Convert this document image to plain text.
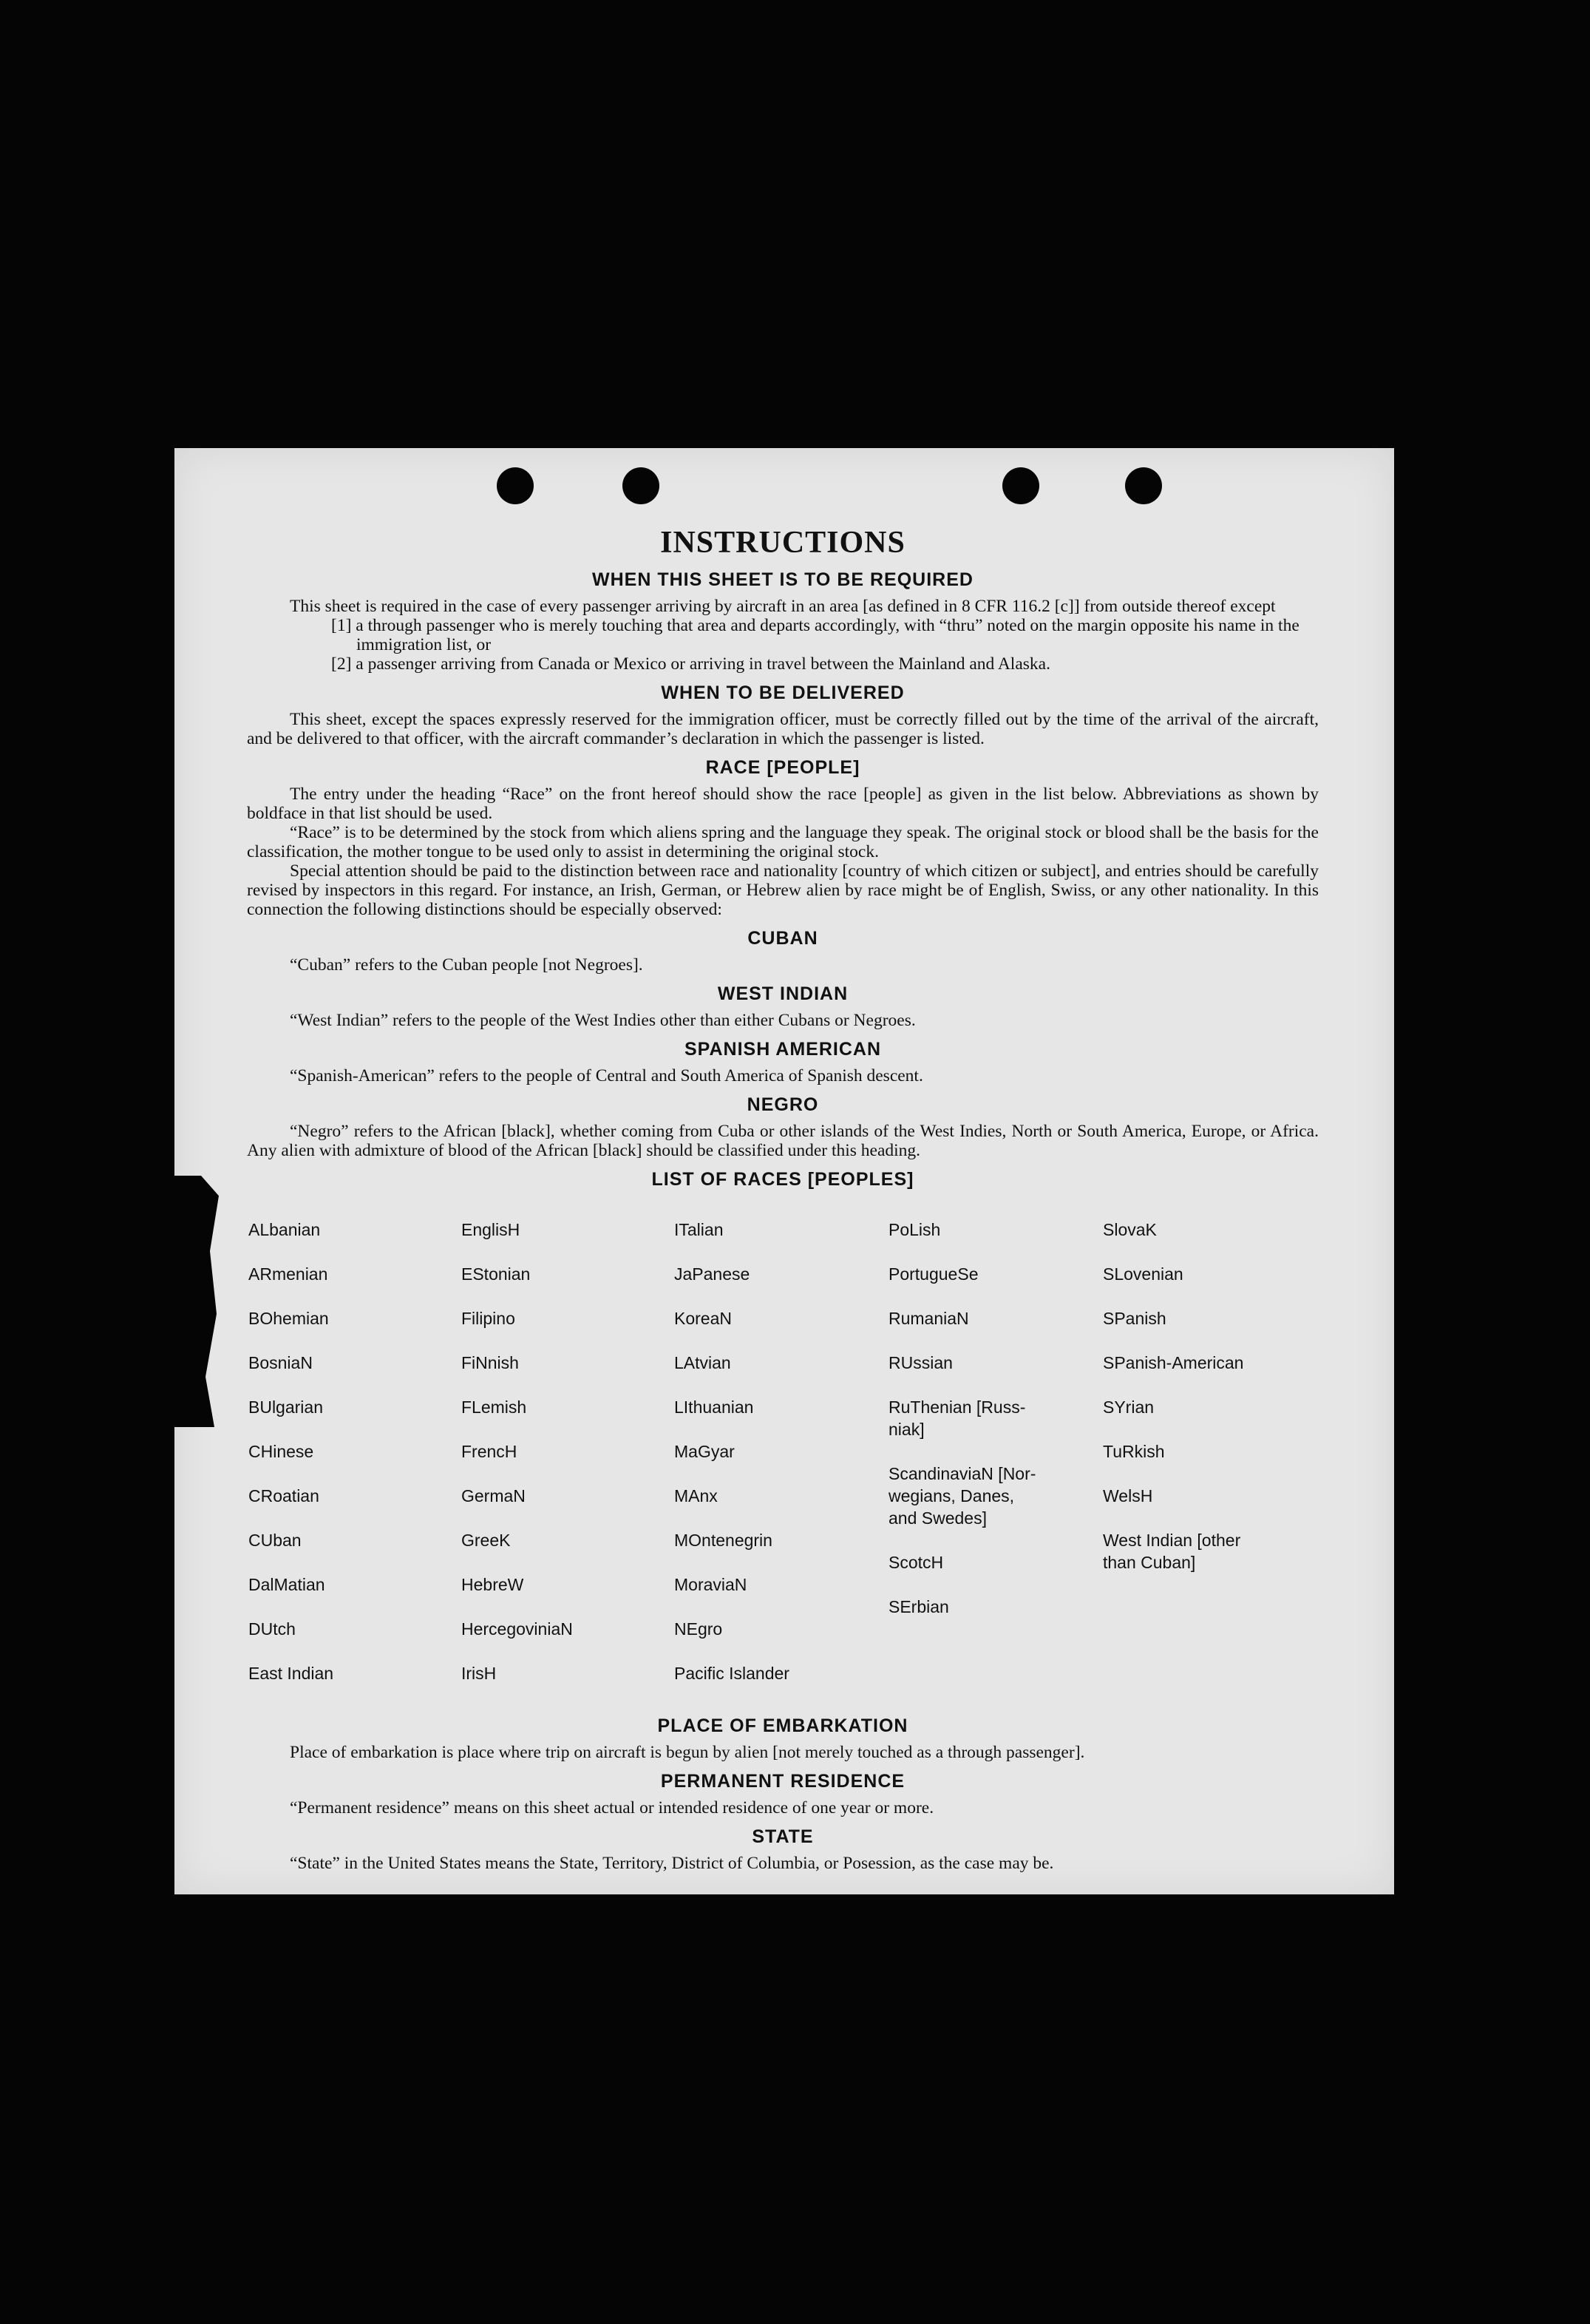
INSTRUCTIONS
WHEN THIS SHEET IS TO BE REQUIRED

This sheet is required in the case of every passenger arriving by aircraft in an area [as defined in 8 CFR 116.2 [c]] from outside thereof except

[1] a through passenger who is merely touching that area and departs accordingly, with “thru” noted on the margin opposite his name in the immigration list, or

[2] a passenger arriving from Canada or Mexico or arriving in travel between the Mainland and Alaska.

WHEN TO BE DELIVERED

This sheet, except the spaces expressly reserved for the immigration officer, must be correctly filled out by the time of the arrival of the aircraft, and be delivered to that officer, with the aircraft commander’s declaration in which the passenger is listed.

RACE [PEOPLE]

The entry under the heading “Race” on the front hereof should show the race [people] as given in the list below. Abbreviations as shown by boldface in that list should be used.

“Race” is to be determined by the stock from which aliens spring and the language they speak. The original stock or blood shall be the basis for the classification, the mother tongue to be used only to assist in determining the original stock.

Special attention should be paid to the distinction between race and nationality [country of which citizen or subject], and entries should be carefully revised by inspectors in this regard. For instance, an Irish, German, or Hebrew alien by race might be of English, Swiss, or any other nationality. In this connection the following distinctions should be especially observed:

CUBAN

“Cuban” refers to the Cuban people [not Negroes].

WEST INDIAN

“West Indian” refers to the people of the West Indies other than either Cubans or Negroes.

SPANISH AMERICAN

“Spanish-American” refers to the people of Central and South America of Spanish descent.

NEGRO

“Negro” refers to the African [black], whether coming from Cuba or other islands of the West Indies, North or South America, Europe, or Africa. Any alien with admixture of blood of the African [black] should be classified under this heading.

LIST OF RACES [PEOPLES]

ALbanian

ARmenian

BOhemian

BosniaN

BUlgarian

CHinese

CRoatian

CUban

DalMatian

DUtch

East Indian

EnglisH

EStonian

Filipino

FiNnish

FLemish

FrencH

GermaN

GreeK

HebreW

HercegoviniaN

IrisH

ITalian

JaPanese

KoreaN

LAtvian

LIthuanian

MaGyar

MAnx

MOntenegrin

MoraviaN

NEgro

Pacific Islander

PoLish

PortugueSe

RumaniaN

RUssian

RuThenian [Russ-
niak]

ScandinaviaN [Nor-
wegians, Danes,
and Swedes]

ScotcH

SErbian

SlovaK

SLovenian

SPanish

SPanish-American

SYrian

TuRkish

WelsH

West Indian [other
than Cuban]

PLACE OF EMBARKATION

Place of embarkation is place where trip on aircraft is begun by alien [not merely touched as a through passenger].

PERMANENT RESIDENCE

“Permanent residence” means on this sheet actual or intended residence of one year or more.

STATE

“State” in the United States means the State, Territory, District of Columbia, or Posession, as the case may be.
